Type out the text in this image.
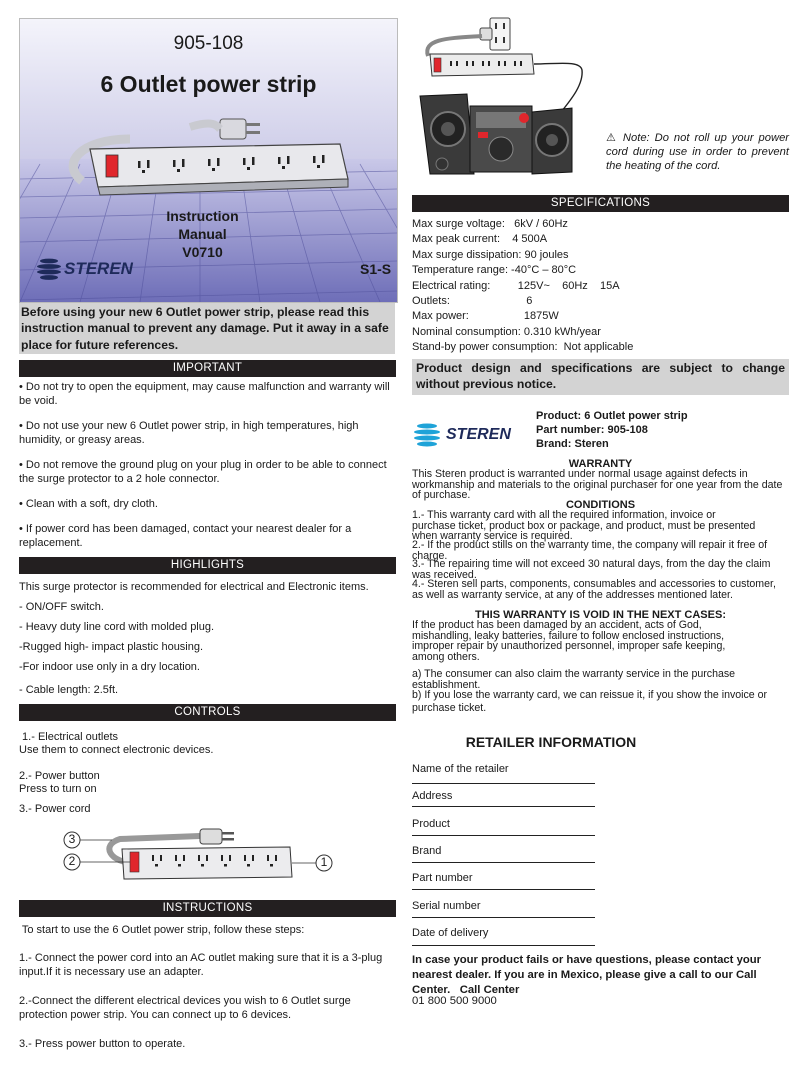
905-108
6 Outlet power strip
Instruction
Manual
V0710
STEREN	S1-S
Before using your new 6 Outlet power strip, please read this instruction manual to prevent any damage. Put it away in a safe place for future references.
IMPORTANT
• Do not try to open the equipment, may cause malfunction and warranty will be void.
• Do not use your new 6 Outlet power strip, in high temperatures, high humidity, or greasy areas.
• Do not remove the ground plug on your plug in order to be able to connect the surge protector to a 2 hole connector.
• Clean with a soft, dry cloth.
• If power cord has been damaged, contact your nearest dealer for a replacement.
HIGHLIGHTS
This surge protector is recommended for electrical and Electronic items.
- ON/OFF switch.
- Heavy duty line cord with molded plug.
-Rugged high- impact plastic housing.
-For indoor use only in a dry location.
- Cable length: 2.5ft.
CONTROLS
1.- Electrical outlets
Use them to connect electronic devices.
2.- Power button
Press to turn on
3.- Power cord
3
2	1
INSTRUCTIONS
To start to use the 6 Outlet power strip, follow these steps:
1.- Connect the power cord into an AC outlet making sure that it is a 3-plug input.If it is necessary use an adapter.
2.-Connect the different electrical devices you wish to 6 Outlet surge protection power strip. You can connect up to 6 devices.
3.- Press power button to operate.
⚠ Note: Do not roll up your power cord during use in order to prevent the heating of the cord.
SPECIFICATIONS
Max surge voltage:   6kV / 60Hz
Max peak current:    4 500A
Max surge dissipation: 90 joules
Temperature range: -40°C – 80°C
Electrical rating:         125V~    60Hz    15A
Outlets:                         6
Max power:                  1875W
Nominal consumption: 0.310 kWh/year
Stand-by power consumption:  Not applicable
Product design and specifications are subject to change without previous notice.
STEREN
Product: 6 Outlet power strip
Part number: 905-108
Brand: Steren
WARRANTY
This Steren product is warranted under normal usage against defects in workmanship and materials to the original purchaser for one year from the date of purchase.
CONDITIONS
1.- This warranty card with all the required information, invoice or purchase ticket, product box or package, and product, must be presented when warranty service is required.
2.- If the product stills on the warranty time, the company will repair it free of charge.
3.- The repairing time will not exceed 30 natural days, from the day the claim was received.
4.- Steren sell parts, components, consumables and accessories to customer, as well as warranty service, at any of the addresses mentioned later.
THIS WARRANTY IS VOID IN THE NEXT CASES:
If the product has been damaged by an accident, acts of God, mishandling, leaky batteries, failure to follow enclosed instructions, improper repair by unauthorized personnel, improper safe keeping, among others.
a) The consumer can also claim the warranty service in the purchase establishment.
b) If you lose the warranty card, we can reissue it, if you show the invoice or purchase ticket.
RETAILER INFORMATION
Name of the retailer
Address
Product
Brand
Part number
Serial number
Date of delivery
In case your product fails or have questions, please contact your nearest dealer. If you are in Mexico, please give a call to our Call Center.   Call Center
01 800 500 9000
